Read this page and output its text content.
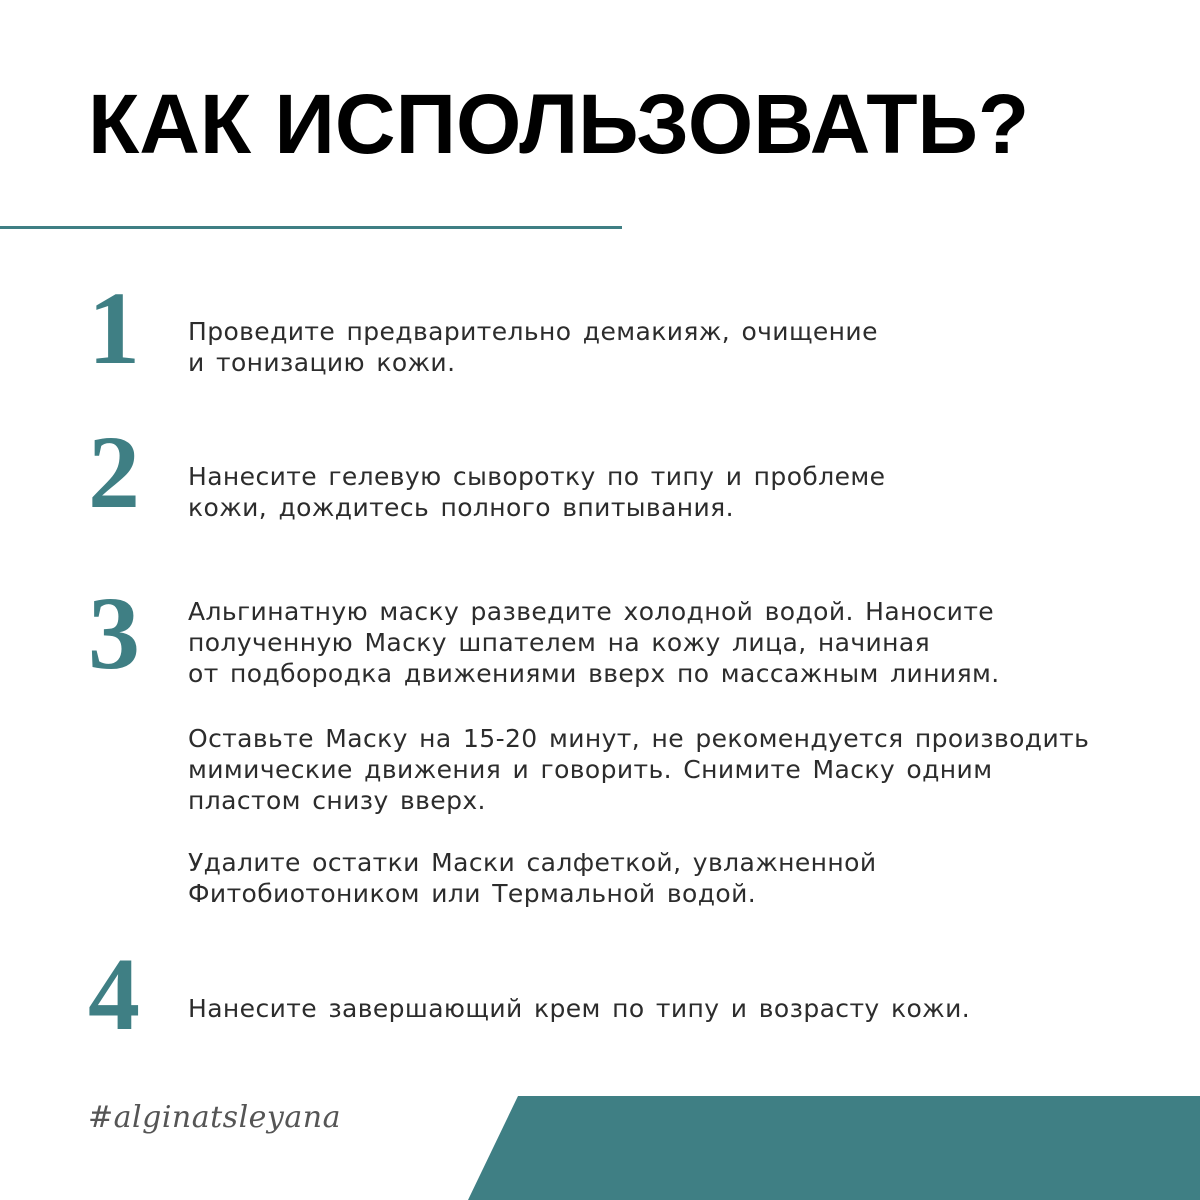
КАК ИСПОЛЬЗОВАТЬ?
1 Проведите предварительно демакияж, очищение
и тонизацию кожи.
2 Нанесите гелевую сыворотку по типу и проблеме
кожи, дождитесь полного впитывания.
3 Альгинатную маску разведите холодной водой. Наносите
полученную Маску шпателем на кожу лица, начиная
от подбородка движениями вверх по массажным линиям.
Оставьте Маску на 15-20 минут, не рекомендуется производить
мимические движения и говорить. Снимите Маску одним
пластом снизу вверх.
Удалите остатки Маски салфеткой, увлажненной
Фитобиотоником или Термальной водой.
4 Нанесите завершающий крем по типу и возрасту кожи.
#alginatsleyana
